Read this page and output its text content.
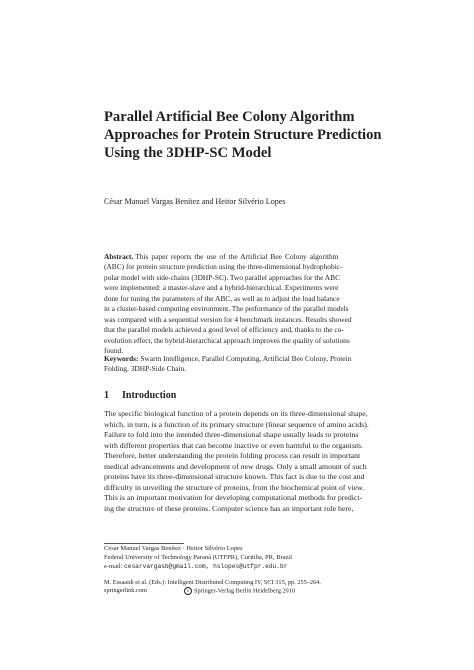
Parallel Artificial Bee Colony Algorithm
Approaches for Protein Structure Prediction
Using the 3DHP-SC Model
César Manuel Vargas Benítez and Heitor Silvério Lopes
Abstract. This paper reports the use of the Artificial Bee Colony algorithm
(ABC) for protein structure prediction using the three-dimensional hydrophobic-
polar model with side-chains (3DHP-SC). Two parallel approaches for the ABC
were implemented: a master-slave and a hybrid-hierarchical. Experiments were
done for tuning the parameters of the ABC, as well as to adjust the load balance
in a cluster-based computing environment. The performance of the parallel models
was compared with a sequential version for 4 benchmark instances. Results showed
that the parallel models achieved a good level of efficiency and, thanks to the co-
evolution effect, the hybrid-hierarchical approach improves the quality of solutions
found.
Keywords: Swarm Intelligence, Parallel Computing, Artificial Bee Colony, Protein
Folding, 3DHP-Side Chain.
1 Introduction
The specific biological function of a protein depends on its three-dimensional shape,
which, in turn, is a function of its primary structure (linear sequence of amino acids).
Failure to fold into the intended three-dimensional shape usually leads to proteins
with different properties that can become inactive or even harmful to the organism.
Therefore, better understanding the protein folding process can result in important
medical advancements and development of new drugs. Only a small amount of such
proteins have its three-dimensional structure known. This fact is due to the cost and
difficulty in unveiling the structure of proteins, from the biochemical point of view.
This is an important motivation for developing computational methods for predict-
ing the structure of these proteins. Computer science has an important role here,
César Manuel Vargas Benítez · Heitor Silvério Lopes
Federal University of Technology Paraná (UTFPR), Curitiba, PR, Brazil
e-mail: cesarvargasb@gmail.com, hslopes@utfpr.edu.br
M. Essaaidi et al. (Eds.): Intelligent Distributed Computing IV, SCI 315, pp. 255–264.
springerlink.com	c Springer-Verlag Berlin Heidelberg 2010
